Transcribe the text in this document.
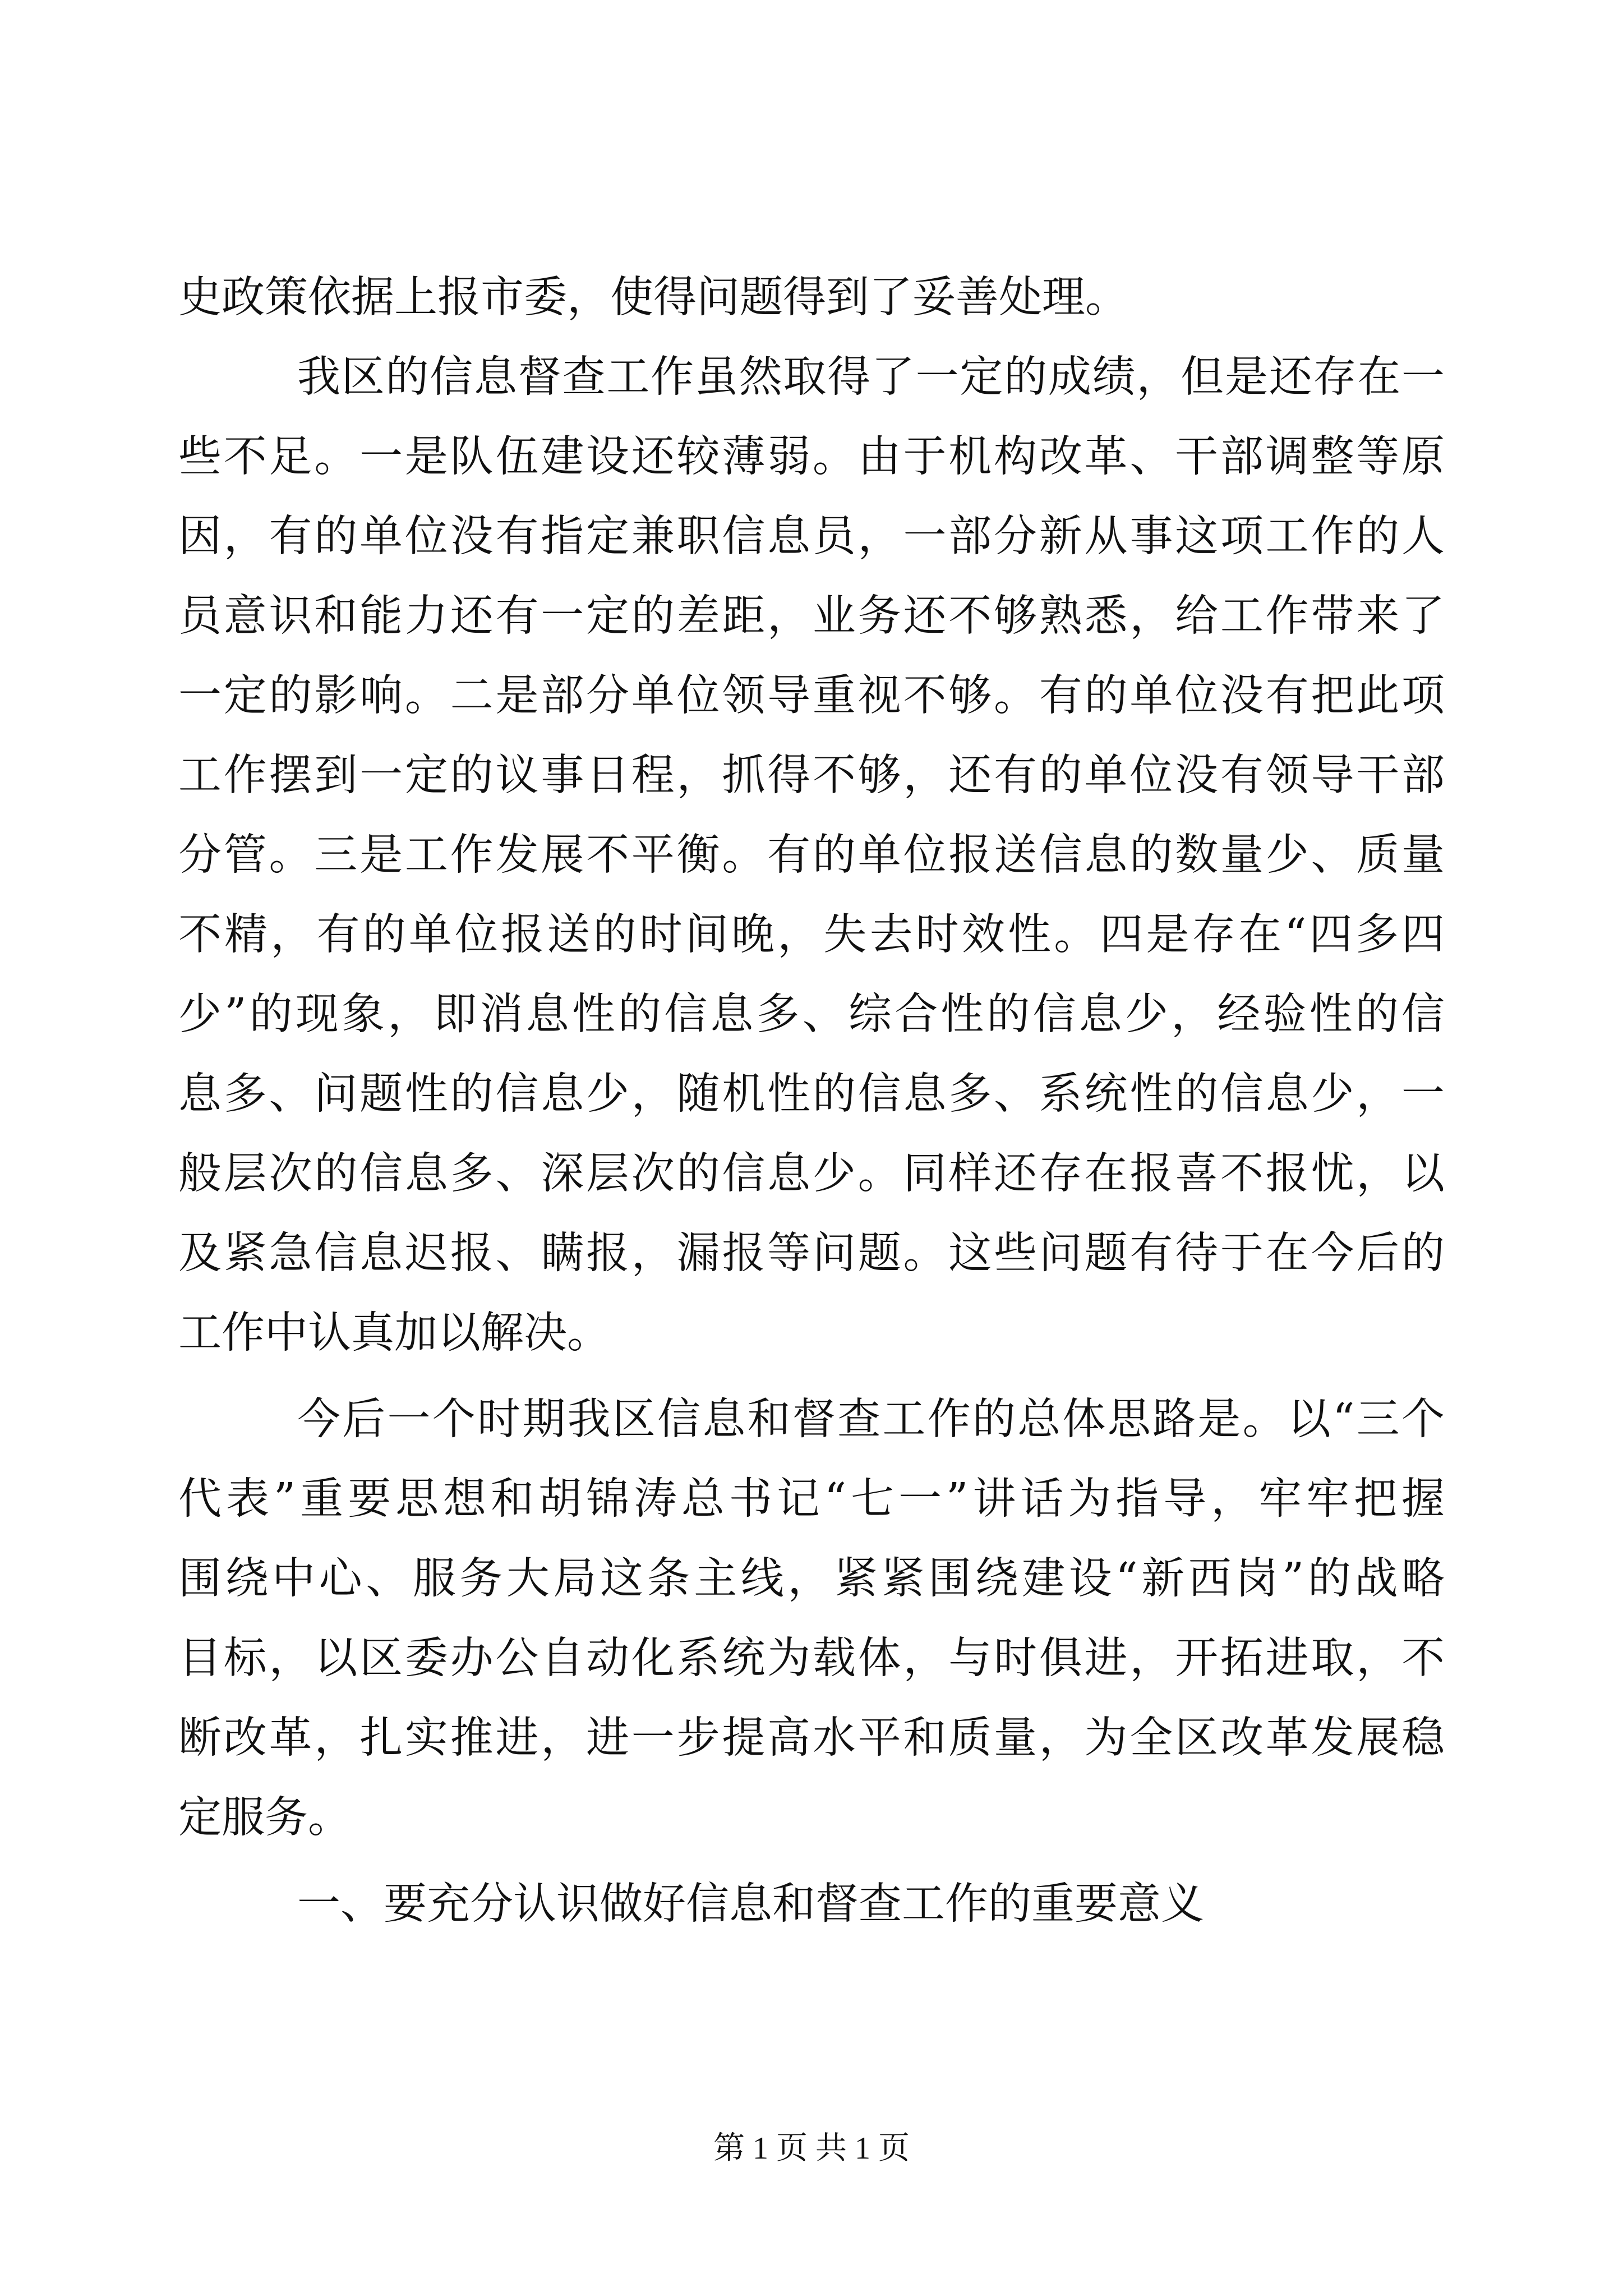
史政策依据上报市委，使得问题得到了妥善处理。
我区的信息督查工作虽然取得了一定的成绩，但是还存在一
些不足。一是队伍建设还较薄弱。由于机构改革、干部调整等原
因，有的单位没有指定兼职信息员，一部分新从事这项工作的人
员意识和能力还有一定的差距，业务还不够熟悉，给工作带来了
一定的影响。二是部分单位领导重视不够。有的单位没有把此项
工作摆到一定的议事日程，抓得不够，还有的单位没有领导干部
分管。三是工作发展不平衡。有的单位报送信息的数量少、质量
不精，有的单位报送的时间晚，失去时效性。四是存在“四多四
少”的现象，即消息性的信息多、综合性的信息少，经验性的信
息多、问题性的信息少，随机性的信息多、系统性的信息少，一
般层次的信息多、深层次的信息少。同样还存在报喜不报忧，以
及紧急信息迟报、瞒报，漏报等问题。这些问题有待于在今后的
工作中认真加以解决。
今后一个时期我区信息和督查工作的总体思路是。以“三个
代表”重要思想和胡锦涛总书记“七一”讲话为指导，牢牢把握
围绕中心、服务大局这条主线，紧紧围绕建设“新西岗”的战略
目标，以区委办公自动化系统为载体，与时俱进，开拓进取，不
断改革，扎实推进，进一步提高水平和质量，为全区改革发展稳
定服务。
一、要充分认识做好信息和督查工作的重要意义
第 1 页 共 1 页
